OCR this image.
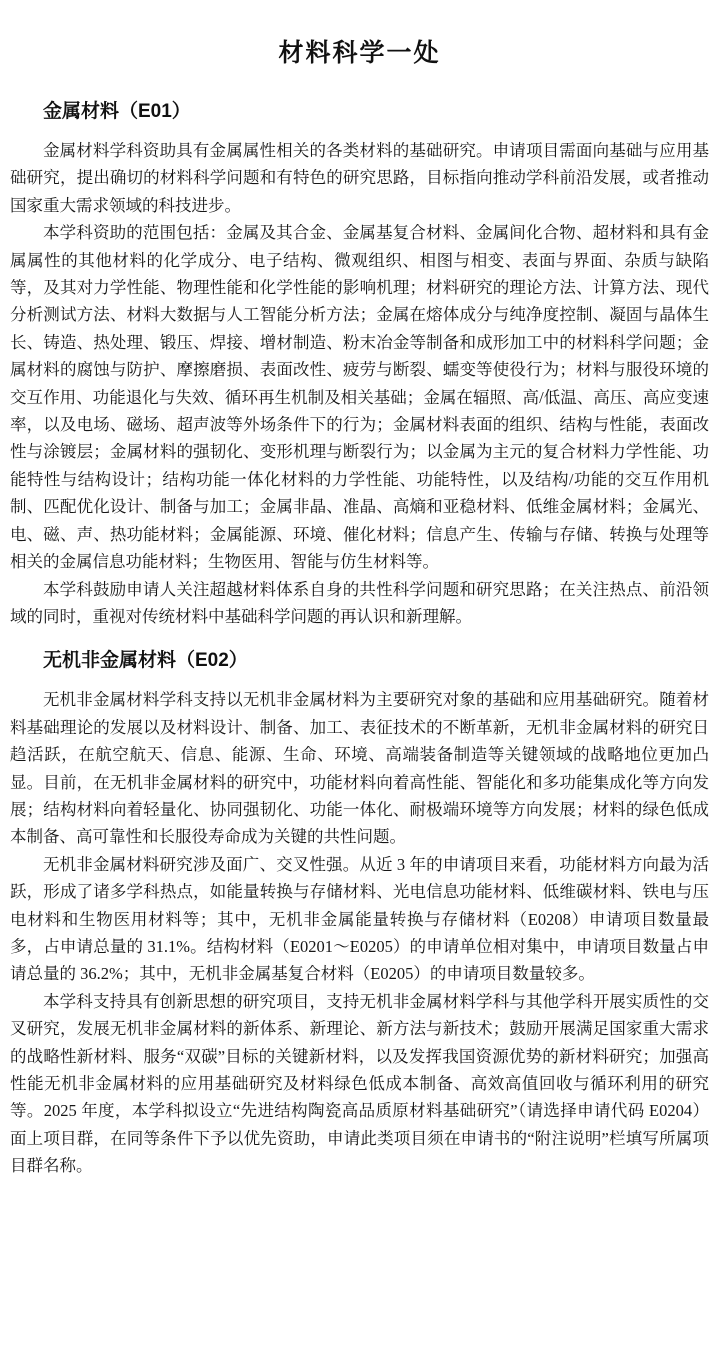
材料科学一处
金属材料（E01）

金属材料学科资助具有金属属性相关的各类材料的基础研究。申请项目需面向基础与应用基础研究，提出确切的材料科学问题和有特色的研究思路，目标指向推动学科前沿发展，或者推动国家重大需求领域的科技进步。

本学科资助的范围包括：金属及其合金、金属基复合材料、金属间化合物、超材料和具有金属属性的其他材料的化学成分、电子结构、微观组织、相图与相变、表面与界面、杂质与缺陷等，及其对力学性能、物理性能和化学性能的影响机理；材料研究的理论方法、计算方法、现代分析测试方法、材料大数据与人工智能分析方法；金属在熔体成分与纯净度控制、凝固与晶体生长、铸造、热处理、锻压、焊接、增材制造、粉末冶金等制备和成形加工中的材料科学问题；金属材料的腐蚀与防护、摩擦磨损、表面改性、疲劳与断裂、蠕变等使役行为；材料与服役环境的交互作用、功能退化与失效、循环再生机制及相关基础；金属在辐照、高/低温、高压、高应变速率，以及电场、磁场、超声波等外场条件下的行为；金属材料表面的组织、结构与性能，表面改性与涂镀层；金属材料的强韧化、变形机理与断裂行为；以金属为主元的复合材料力学性能、功能特性与结构设计；结构功能一体化材料的力学性能、功能特性，以及结构/功能的交互作用机制、匹配优化设计、制备与加工；金属非晶、准晶、高熵和亚稳材料、低维金属材料；金属光、电、磁、声、热功能材料；金属能源、环境、催化材料；信息产生、传输与存储、转换与处理等相关的金属信息功能材料；生物医用、智能与仿生材料等。

本学科鼓励申请人关注超越材料体系自身的共性科学问题和研究思路；在关注热点、前沿领域的同时，重视对传统材料中基础科学问题的再认识和新理解。

无机非金属材料（E02）

无机非金属材料学科支持以无机非金属材料为主要研究对象的基础和应用基础研究。随着材料基础理论的发展以及材料设计、制备、加工、表征技术的不断革新，无机非金属材料的研究日趋活跃，在航空航天、信息、能源、生命、环境、高端装备制造等关键领域的战略地位更加凸显。目前，在无机非金属材料的研究中，功能材料向着高性能、智能化和多功能集成化等方向发展；结构材料向着轻量化、协同强韧化、功能一体化、耐极端环境等方向发展；材料的绿色低成本制备、高可靠性和长服役寿命成为关键的共性问题。

无机非金属材料研究涉及面广、交叉性强。从近 3 年的申请项目来看，功能材料方向最为活跃，形成了诸多学科热点，如能量转换与存储材料、光电信息功能材料、低维碳材料、铁电与压电材料和生物医用材料等；其中，无机非金属能量转换与存储材料（E0208）申请项目数量最多，占申请总量的 31.1%。结构材料（E0201～E0205）的申请单位相对集中，申请项目数量占申请总量的 36.2%；其中，无机非金属基复合材料（E0205）的申请项目数量较多。

本学科支持具有创新思想的研究项目，支持无机非金属材料学科与其他学科开展实质性的交叉研究，发展无机非金属材料的新体系、新理论、新方法与新技术；鼓励开展满足国家重大需求的战略性新材料、服务“双碳”目标的关键新材料，以及发挥我国资源优势的新材料研究；加强高性能无机非金属材料的应用基础研究及材料绿色低成本制备、高效高值回收与循环利用的研究等。2025 年度，本学科拟设立“先进结构陶瓷高品质原材料基础研究”（请选择申请代码 E0204）面上项目群，在同等条件下予以优先资助，申请此类项目须在申请书的“附注说明”栏填写所属项目群名称。
